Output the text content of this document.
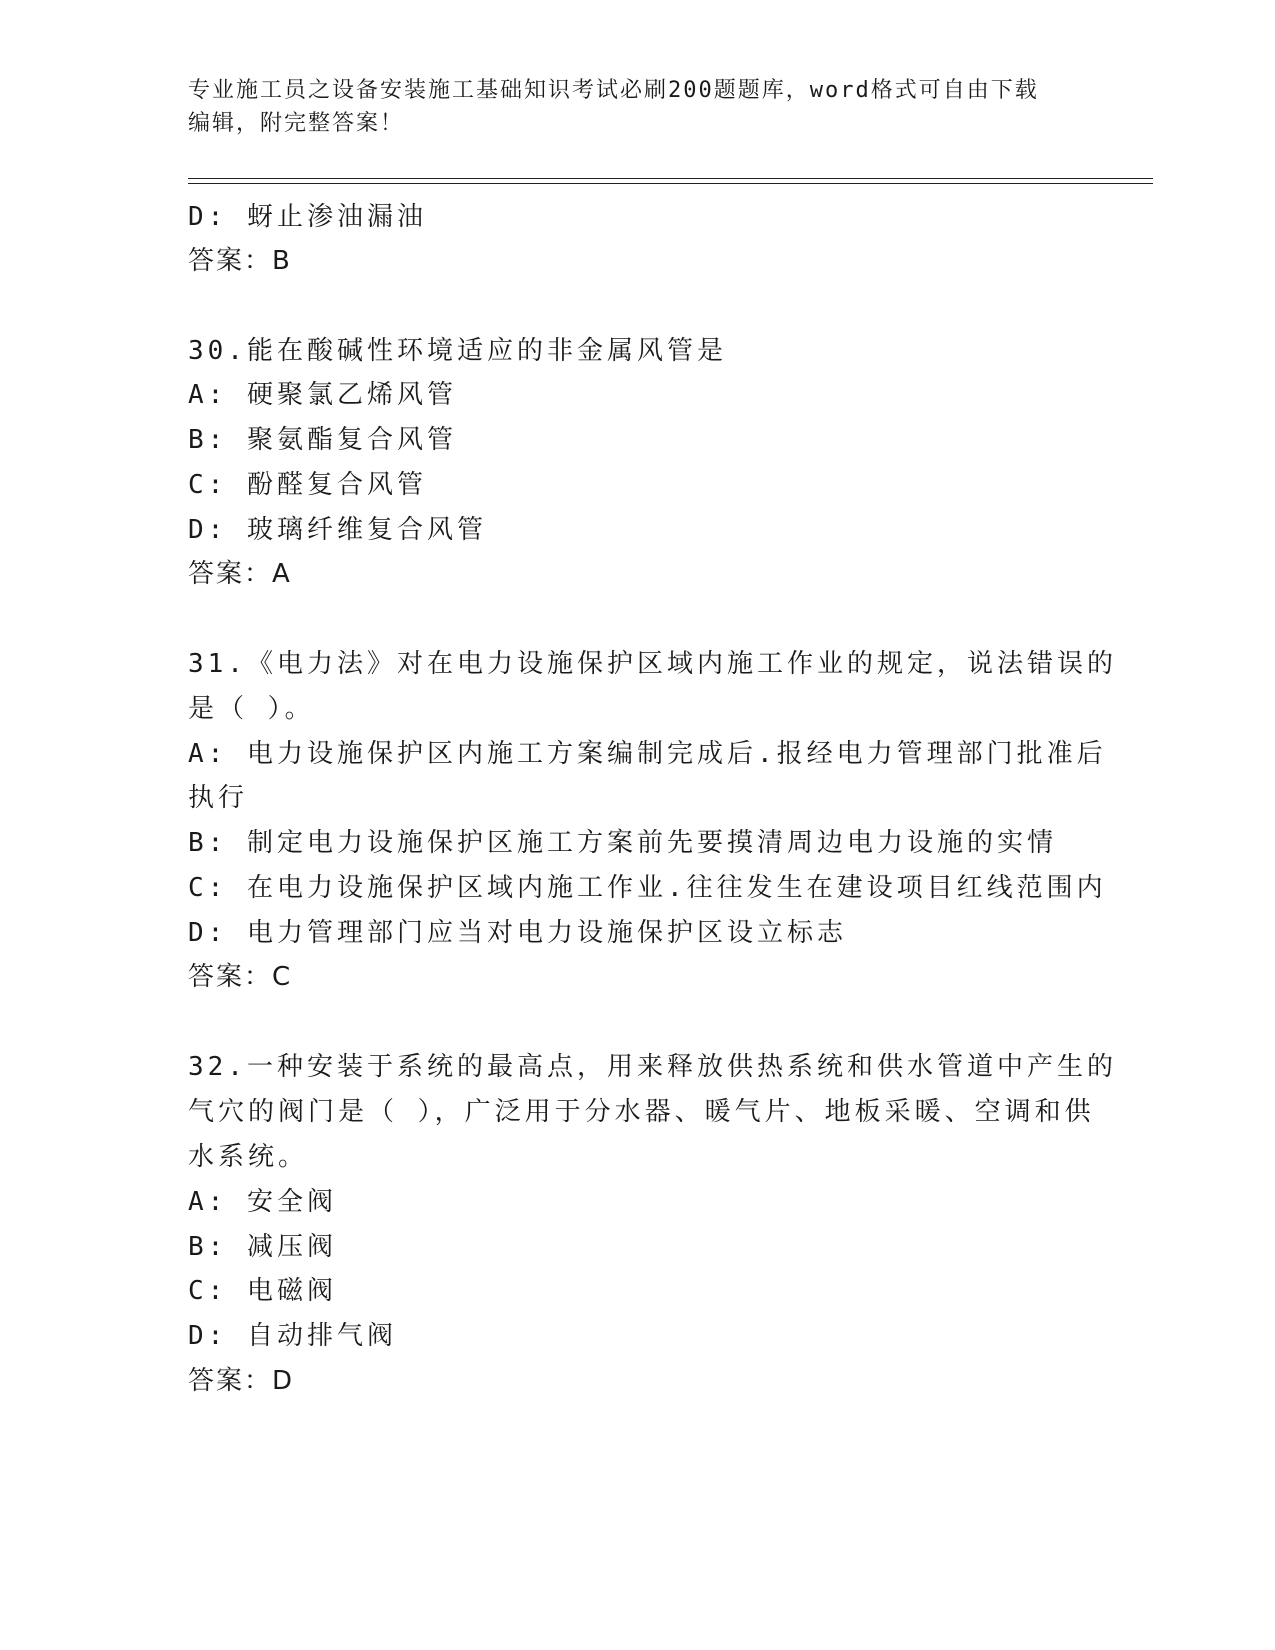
专业施工员之设备安装施工基础知识考试必刷200题题库，word格式可自由下载
编辑，附完整答案！
D: 蚜止渗油漏油
答案：B
30.能在酸碱性环境适应的非金属风管是
A: 硬聚氯乙烯风管
B: 聚氨酯复合风管
C: 酚醛复合风管
D: 玻璃纤维复合风管
答案：A
31.《电力法》对在电力设施保护区域内施工作业的规定，说法错误的
是（ ）。
A: 电力设施保护区内施工方案编制完成后.报经电力管理部门批准后
执行
B: 制定电力设施保护区施工方案前先要摸清周边电力设施的实情
C: 在电力设施保护区域内施工作业.往往发生在建设项目红线范围内
D: 电力管理部门应当对电力设施保护区设立标志
答案：C
32.一种安装于系统的最高点，用来释放供热系统和供水管道中产生的
气穴的阀门是（ ），广泛用于分水器、暖气片、地板采暖、空调和供
水系统。
A: 安全阀
B: 减压阀
C: 电磁阀
D: 自动排气阀
答案：D
